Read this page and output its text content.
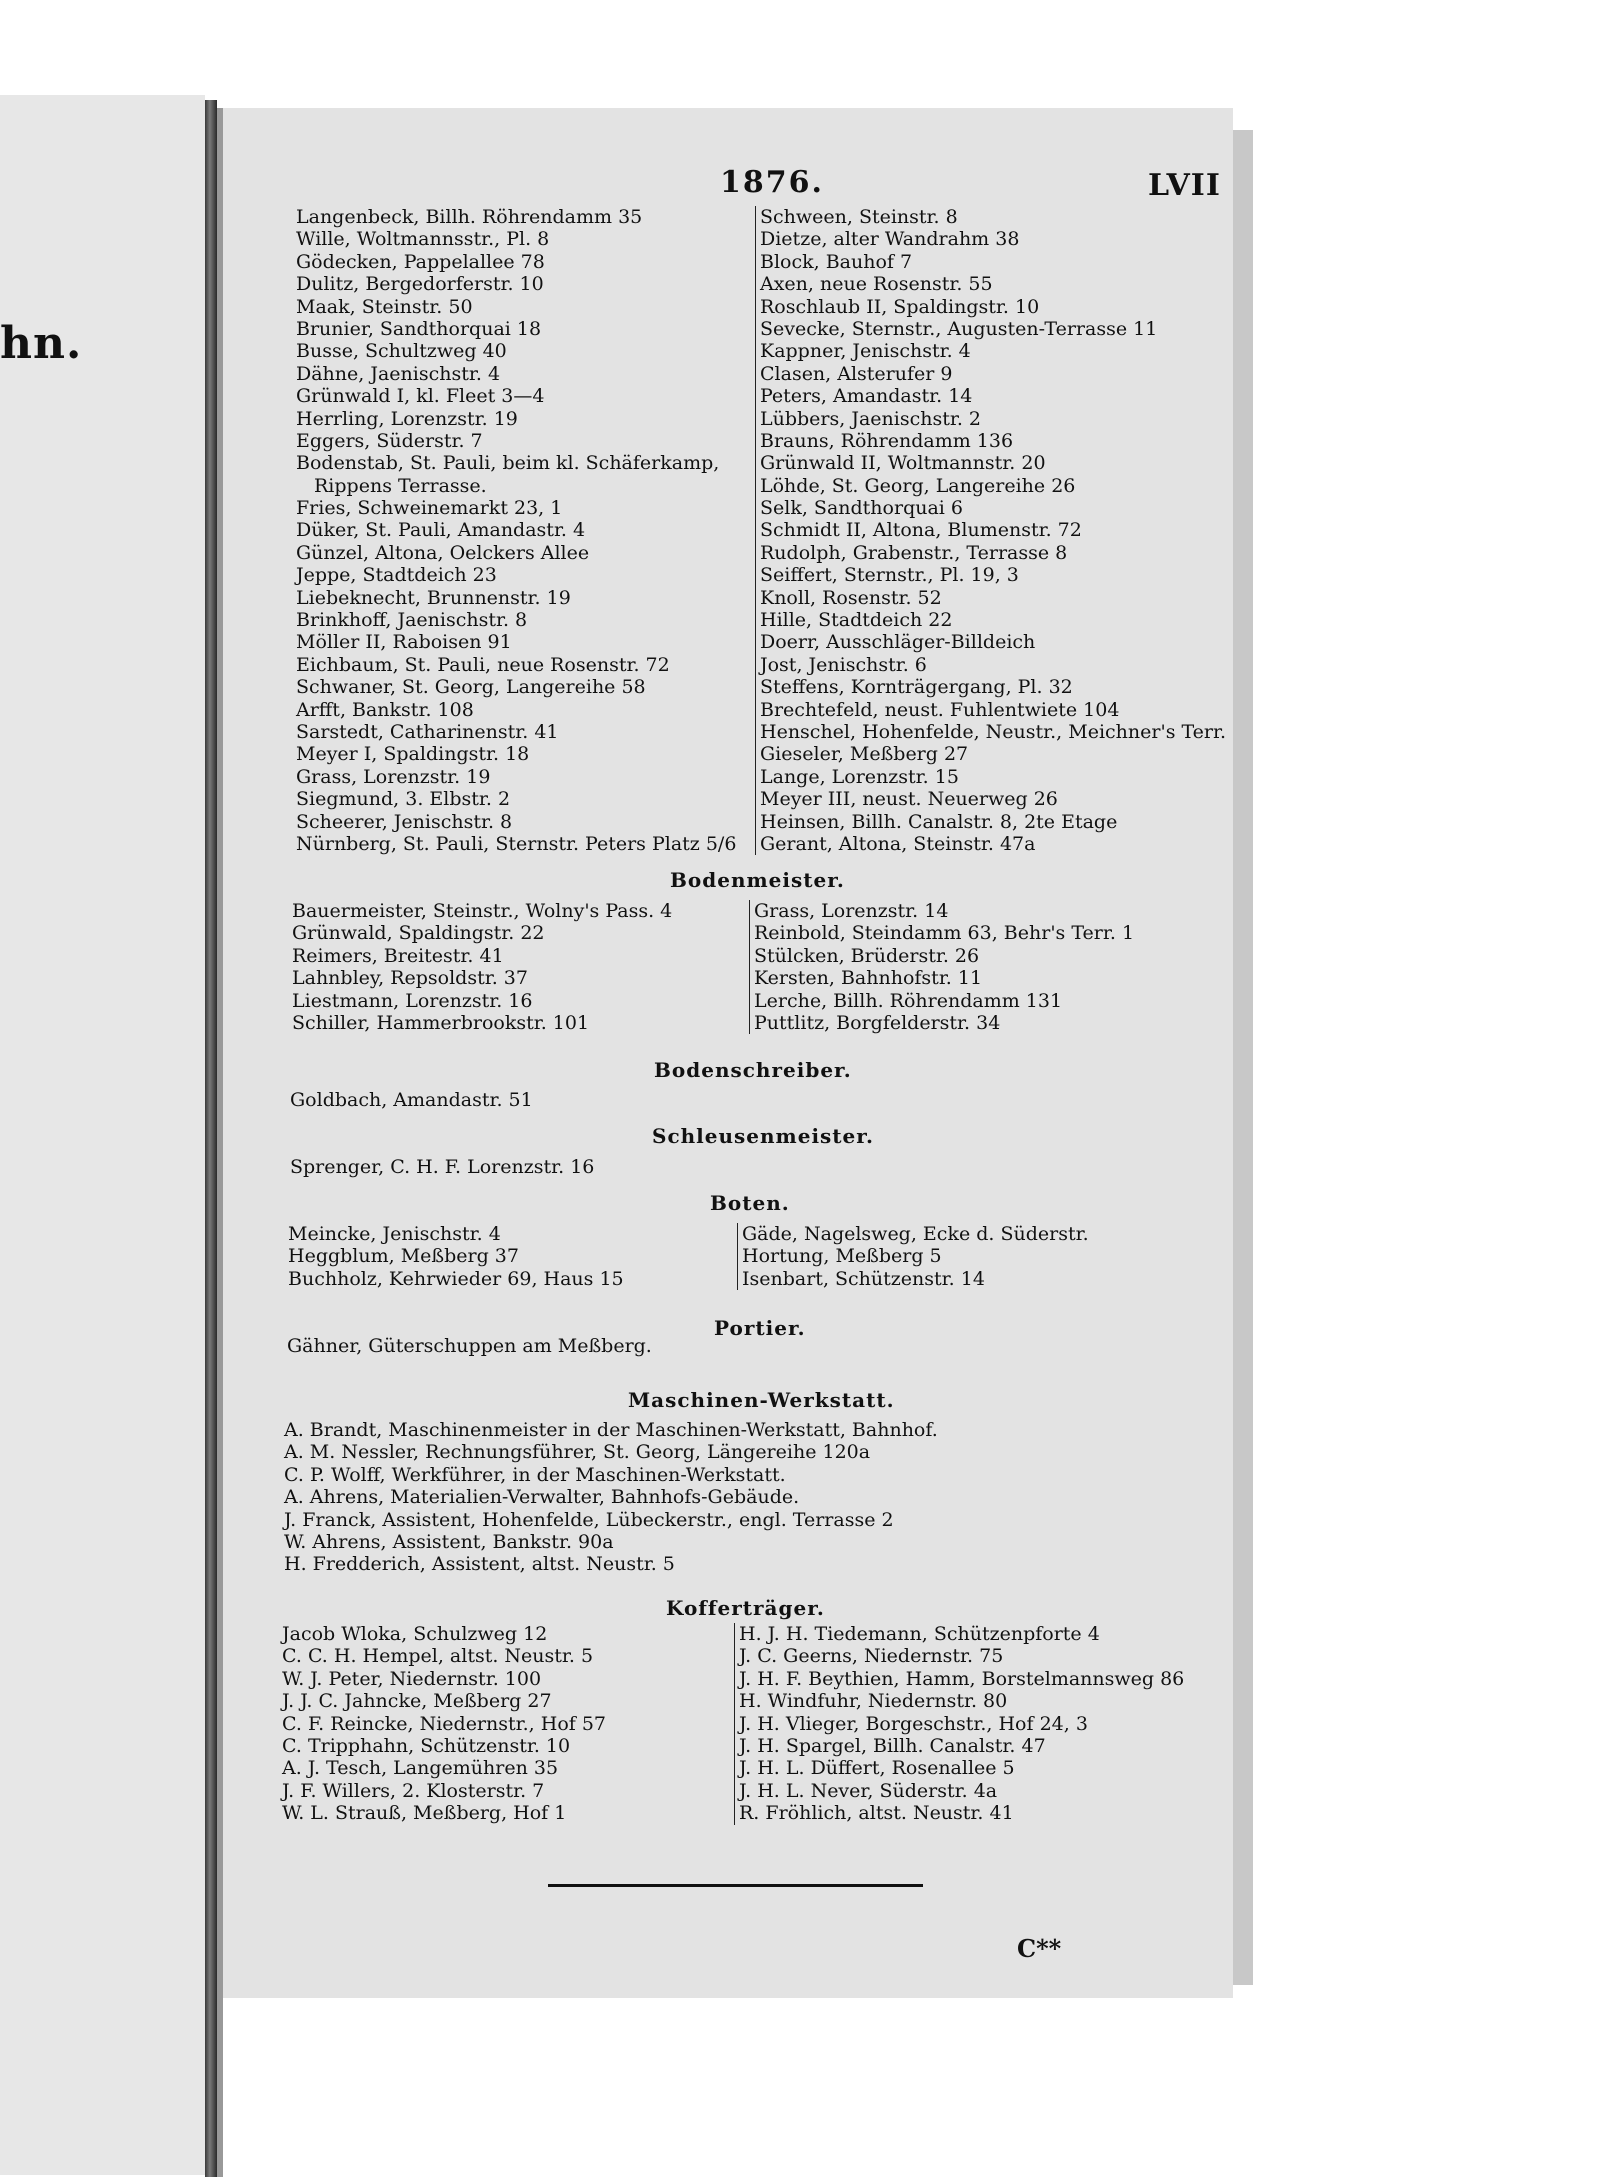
hn.
1876.	LVII
Langenbeck, Billh. Röhrendamm 35
Wille, Woltmannsstr., Pl. 8
Gödecken, Pappelallee 78
Dulitz, Bergedorferstr. 10
Maak, Steinstr. 50
Brunier, Sandthorquai 18
Busse, Schultzweg 40
Dähne, Jaenischstr. 4
Grünwald I, kl. Fleet 3—4
Herrling, Lorenzstr. 19
Eggers, Süderstr. 7
Bodenstab, St. Pauli, beim kl. Schäferkamp,
Rippens Terrasse.
Fries, Schweinemarkt 23, 1
Düker, St. Pauli, Amandastr. 4
Günzel, Altona, Oelckers Allee
Jeppe, Stadtdeich 23
Liebeknecht, Brunnenstr. 19
Brinkhoff, Jaenischstr. 8
Möller II, Raboisen 91
Eichbaum, St. Pauli, neue Rosenstr. 72
Schwaner, St. Georg, Langereihe 58
Arfft, Bankstr. 108
Sarstedt, Catharinenstr. 41
Meyer I, Spaldingstr. 18
Grass, Lorenzstr. 19
Siegmund, 3. Elbstr. 2
Scheerer, Jenischstr. 8
Nürnberg, St. Pauli, Sternstr. Peters Platz 5/6
Schween, Steinstr. 8
Dietze, alter Wandrahm 38
Block, Bauhof 7
Axen, neue Rosenstr. 55
Roschlaub II, Spaldingstr. 10
Sevecke, Sternstr., Augusten-Terrasse 11
Kappner, Jenischstr. 4
Clasen, Alsterufer 9
Peters, Amandastr. 14
Lübbers, Jaenischstr. 2
Brauns, Röhrendamm 136
Grünwald II, Woltmannstr. 20
Löhde, St. Georg, Langereihe 26
Selk, Sandthorquai 6
Schmidt II, Altona, Blumenstr. 72
Rudolph, Grabenstr., Terrasse 8
Seiffert, Sternstr., Pl. 19, 3
Knoll, Rosenstr. 52
Hille, Stadtdeich 22
Doerr, Ausschläger-Billdeich
Jost, Jenischstr. 6
Steffens, Kornträgergang, Pl. 32
Brechtefeld, neust. Fuhlentwiete 104
Henschel, Hohenfelde, Neustr., Meichner's Terr.
Gieseler, Meßberg 27
Lange, Lorenzstr. 15
Meyer III, neust. Neuerweg 26
Heinsen, Billh. Canalstr. 8, 2te Etage
Gerant, Altona, Steinstr. 47a
Bodenmeister.
Bauermeister, Steinstr., Wolny's Pass. 4
Grünwald, Spaldingstr. 22
Reimers, Breitestr. 41
Lahnbley, Repsoldstr. 37
Liestmann, Lorenzstr. 16
Schiller, Hammerbrookstr. 101
Grass, Lorenzstr. 14
Reinbold, Steindamm 63, Behr's Terr. 1
Stülcken, Brüderstr. 26
Kersten, Bahnhofstr. 11
Lerche, Billh. Röhrendamm 131
Puttlitz, Borgfelderstr. 34
Bodenschreiber.
Goldbach, Amandastr. 51
Schleusenmeister.
Sprenger, C. H. F. Lorenzstr. 16
Boten.
Meincke, Jenischstr. 4
Heggblum, Meßberg 37
Buchholz, Kehrwieder 69, Haus 15
Gäde, Nagelsweg, Ecke d. Süderstr.
Hortung, Meßberg 5
Isenbart, Schützenstr. 14
Portier.
Gähner, Güterschuppen am Meßberg.
Maschinen-Werkstatt.
A. Brandt, Maschinenmeister in der Maschinen-Werkstatt, Bahnhof.
A. M. Nessler, Rechnungsführer, St. Georg, Längereihe 120a
C. P. Wolff, Werkführer, in der Maschinen-Werkstatt.
A. Ahrens, Materialien-Verwalter, Bahnhofs-Gebäude.
J. Franck, Assistent, Hohenfelde, Lübeckerstr., engl. Terrasse 2
W. Ahrens, Assistent, Bankstr. 90a
H. Fredderich, Assistent, altst. Neustr. 5
Kofferträger.
Jacob Wloka, Schulzweg 12
C. C. H. Hempel, altst. Neustr. 5
W. J. Peter, Niedernstr. 100
J. J. C. Jahncke, Meßberg 27
C. F. Reincke, Niedernstr., Hof 57
C. Tripphahn, Schützenstr. 10
A. J. Tesch, Langemühren 35
J. F. Willers, 2. Klosterstr. 7
W. L. Strauß, Meßberg, Hof 1
H. J. H. Tiedemann, Schützenpforte 4
J. C. Geerns, Niedernstr. 75
J. H. F. Beythien, Hamm, Borstelmannsweg 86
H. Windfuhr, Niedernstr. 80
J. H. Vlieger, Borgeschstr., Hof 24, 3
J. H. Spargel, Billh. Canalstr. 47
J. H. L. Düffert, Rosenallee 5
J. H. L. Never, Süderstr. 4a
R. Fröhlich, altst. Neustr. 41
C**
